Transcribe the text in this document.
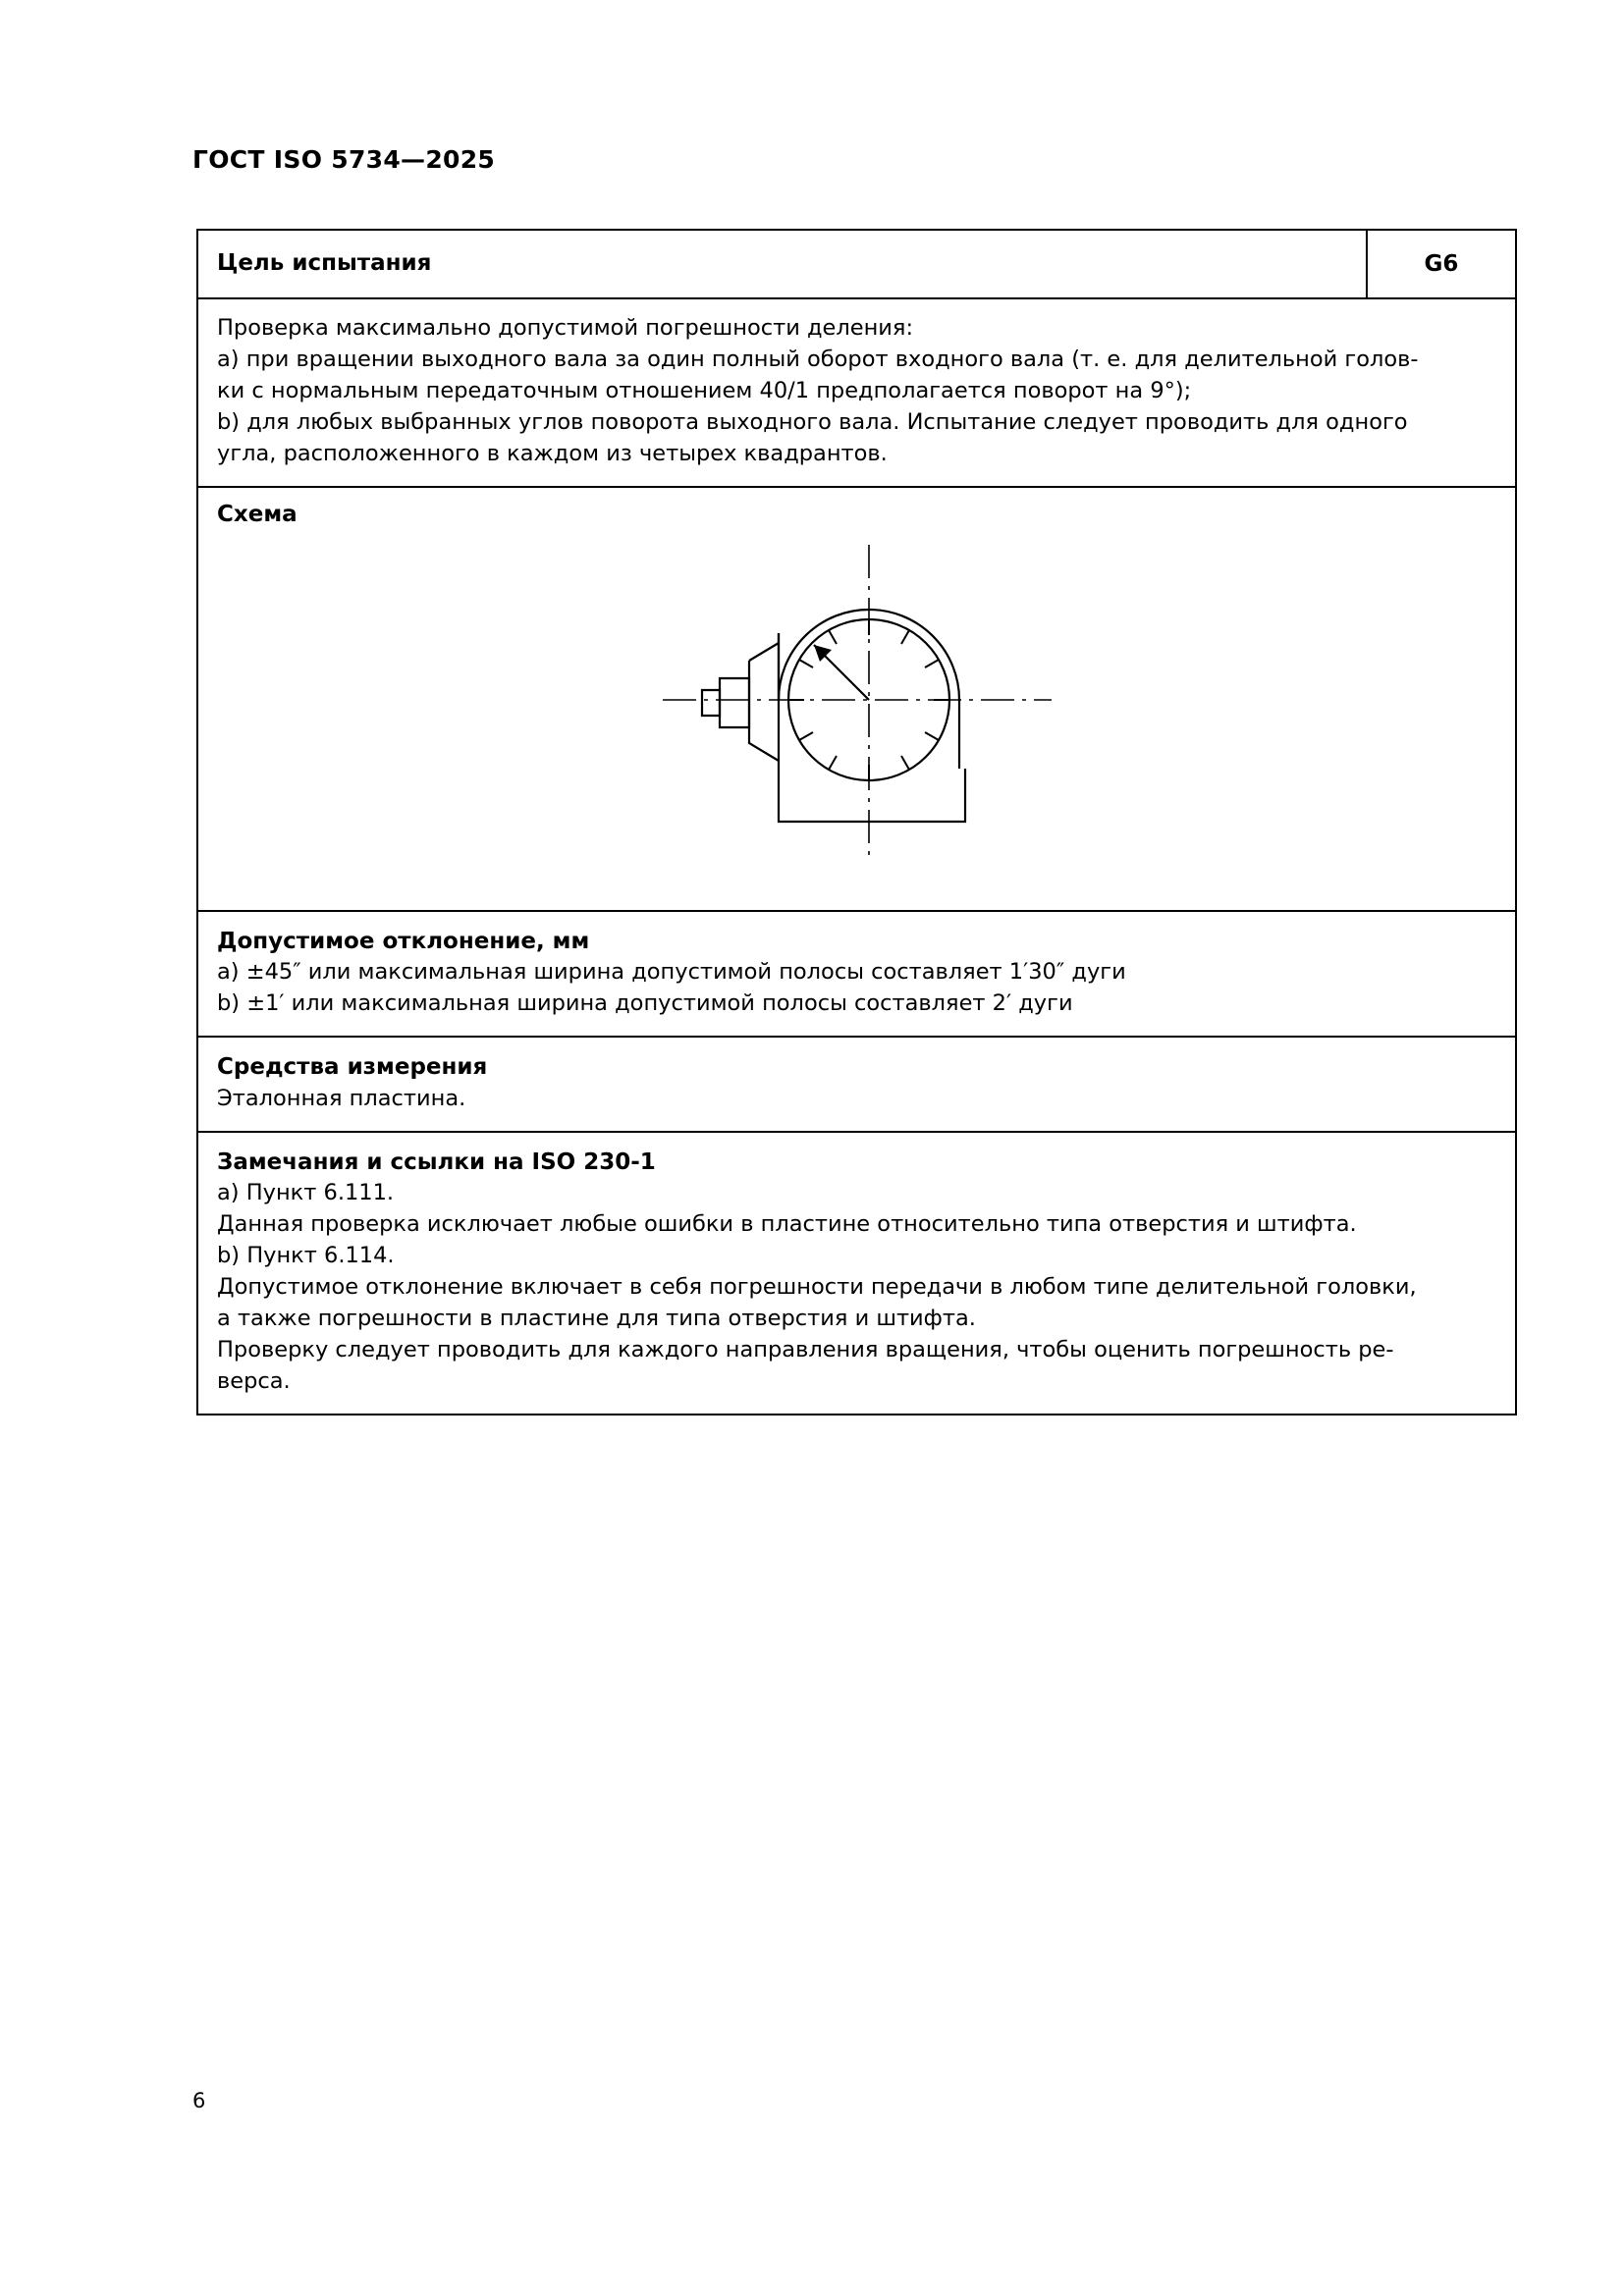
ГОСТ ISO 5734—2025
Цель испытания	G6

Проверка максимально допустимой погрешности деления:

a) при вращении выходного вала за один полный оборот входного вала (т. е. для делительной голов-

ки с нормальным передаточным отношением 40/1 предполагается поворот на 9°);

b) для любых выбранных углов поворота выходного вала. Испытание следует проводить для одного

угла, расположенного в каждом из четырех квадрантов.

Схема

Допустимое отклонение, мм

a) ±45″ или максимальная ширина допустимой полосы составляет 1′30″ дуги

b) ±1′ или максимальная ширина допустимой полосы составляет 2′ дуги

Средства измерения

Эталонная пластина.

Замечания и ссылки на ISO 230-1

a) Пункт 6.111.

Данная проверка исключает любые ошибки в пластине относительно типа отверстия и штифта.

b) Пункт 6.114.

Допустимое отклонение включает в себя погрешности передачи в любом типе делительной головки,

а также погрешности в пластине для типа отверстия и штифта.

Проверку следует проводить для каждого направления вращения, чтобы оценить погрешность ре-

верса.

6
